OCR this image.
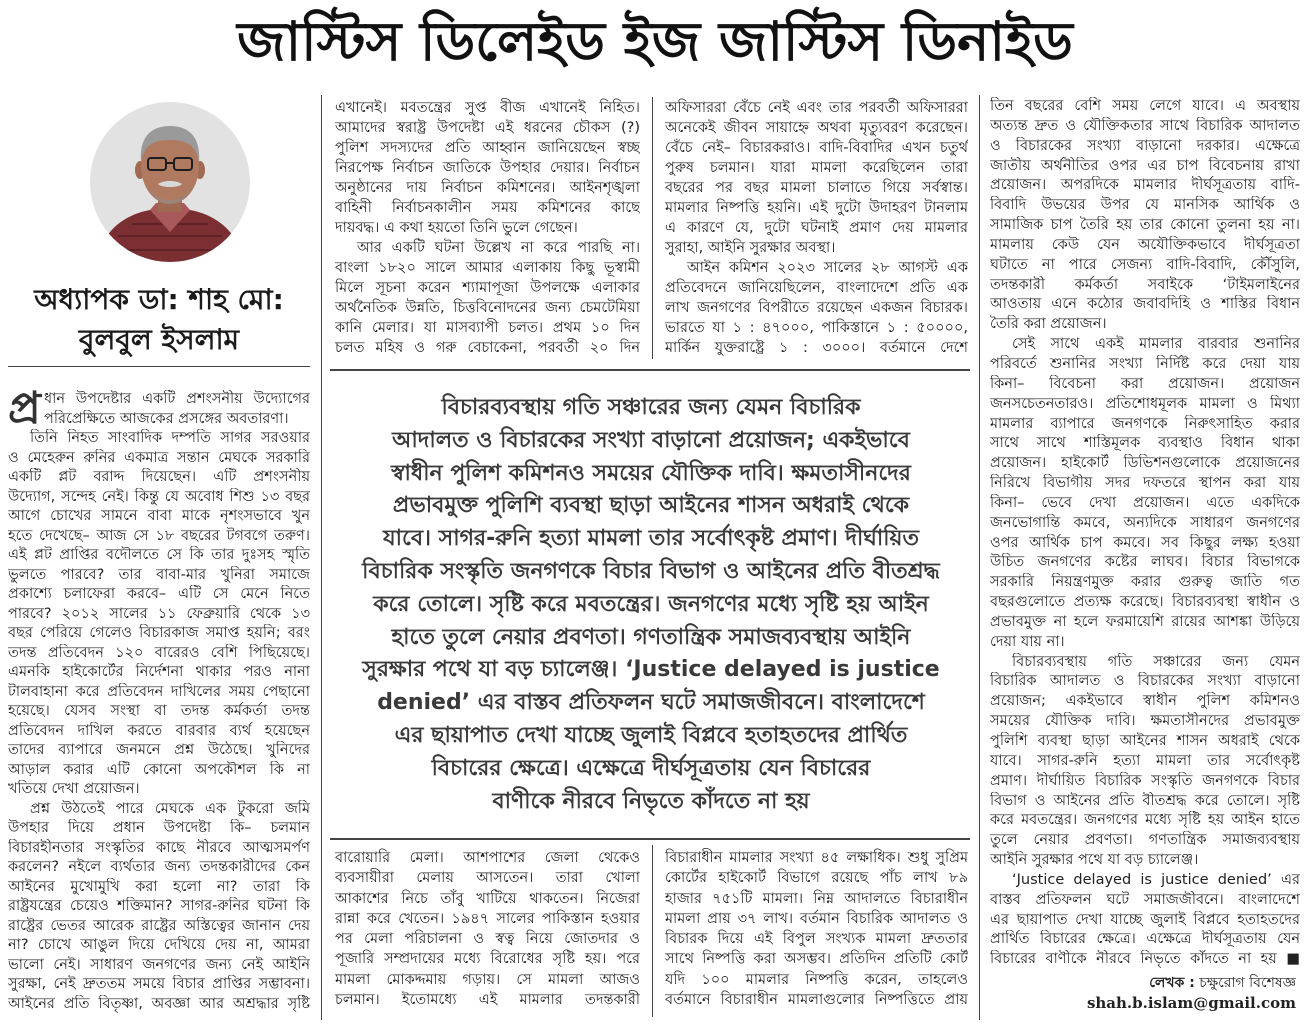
জাস্টিস ডিলেইড ইজ জাস্টিস ডিনাইড
অধ্যাপক ডা: শাহ মো:
বুলবুল ইসলাম
প্র ধান উপদেষ্টার একটি প্রশংসনীয় উদ্যোগের
পরিপ্রেক্ষিতে আজকের প্রসঙ্গের অবতারণা।
তিনি নিহত সাংবাদিক দম্পতি সাগর সরওয়ার
ও মেহেরুন রুনির একমাত্র সন্তান মেঘকে সরকারি
একটি প্লট বরাদ্দ দিয়েছেন। এটি প্রশংসনীয়
উদ্যোগ, সন্দেহ নেই। কিন্তু যে অবোধ শিশু ১৩ বছর
আগে চোখের সামনে বাবা মাকে নৃশংসভাবে খুন
হতে দেখেছে– আজ সে ১৮ বছরের টগবগে তরুণ।
এই প্লট প্রাপ্তির বদৌলতে সে কি তার দুঃসহ স্মৃতি
ভুলতে পারবে? তার বাবা-মার খুনিরা সমাজে
প্রকাশ্যে চলাফেরা করবে– এটি সে মেনে নিতে
পারবে? ২০১২ সালের ১১ ফেব্রুয়ারি থেকে ১৩
বছর পেরিয়ে গেলেও বিচারকাজ সমাপ্ত হয়নি; বরং
তদন্ত প্রতিবেদন ১২০ বারেরও বেশি পিছিয়েছে।
এমনকি হাইকোর্টের নির্দেশনা থাকার পরও নানা
টালবাহানা করে প্রতিবেদন দাখিলের সময় পেছানো
হয়েছে। যেসব সংস্থা বা তদন্ত কর্মকর্তা তদন্ত
প্রতিবেদন দাখিল করতে বারবার ব্যর্থ হয়েছেন
তাদের ব্যাপারে জনমনে প্রশ্ন উঠেছে। খুনিদের
আড়াল করার এটি কোনো অপকৌশল কি না
খতিয়ে দেখা প্রয়োজন।
প্রশ্ন উঠতেই পারে মেঘকে এক টুকরো জমি
উপহার দিয়ে প্রধান উপদেষ্টা কি– চলমান
বিচারহীনতার সংস্কৃতির কাছে নীরবে আত্মসমর্পণ
করলেন? নইলে ব্যর্থতার জন্য তদন্তকারীদের কেন
আইনের মুখোমুখি করা হলো না? তারা কি
রাষ্ট্রযন্ত্রের চেয়েও শক্তিমান? সাগর-রুনির ঘটনা কি
রাষ্ট্রের ভেতর আরেক রাষ্ট্রের অস্তিত্বের জানান দেয়
না? চোখে আঙুল দিয়ে দেখিয়ে দেয় না, আমরা
ভালো নেই। সাধারণ জনগণের জন্য নেই আইনি
সুরক্ষা, নেই দ্রুততম সময়ে বিচার প্রাপ্তির সম্ভাবনা।
আইনের প্রতি বিতৃষ্ণা, অবজ্ঞা আর অশ্রদ্ধার সৃষ্টি
এখানেই। মবতন্ত্রের সুপ্ত বীজ এখানেই নিহিত।
আমাদের স্বরাষ্ট্র উপদেষ্টা এই ধরনের চৌকস (?)
পুলিশ সদস্যদের প্রতি আহ্বান জানিয়েছেন স্বচ্ছ
নিরপেক্ষ নির্বাচন জাতিকে উপহার দেয়ার। নির্বাচন
অনুষ্ঠানের দায় নির্বাচন কমিশনের। আইনশৃঙ্খলা
বাহিনী নির্বাচনকালীন সময় কমিশনের কাছে
দায়বদ্ধ। এ কথা হয়তো তিনি ভুলে গেছেন।
আর একটি ঘটনা উল্লেখ না করে পারছি না।
বাংলা ১৮২০ সালে আমার এলাকায় কিছু ভূস্বামী
মিলে সূচনা করেন শ্যামাপূজা উপলক্ষে এলাকার
অর্থনৈতিক উন্নতি, চিত্তবিনোদনের জন্য চেমটেমিয়া
কানি মেলার। যা মাসব্যাপী চলত। প্রথম ১০ দিন
চলত মহিষ ও গরু বেচাকেনা, পরবর্তী ২০ দিন
অফিসাররা বেঁচে নেই এবং তার পরবর্তী অফিসাররা
অনেকেই জীবন সায়াহ্নে অথবা মৃত্যুবরণ করেছেন।
বেঁচে নেই– বিচারকরাও। বাদি-বিবাদির এখন চতুর্থ
পুরুষ চলমান। যারা মামলা করেছিলেন তারা
বছরের পর বছর মামলা চালাতে গিয়ে সর্বস্বান্ত।
মামলার নিষ্পত্তি হয়নি। এই দুটো উদাহরণ টানলাম
এ কারণে যে, দুটো ঘটনাই প্রমাণ দেয় মামলার
সুরাহা, আইনি সুরক্ষার অবস্থা।
আইন কমিশন ২০২৩ সালের ২৮ আগস্ট এক
প্রতিবেদনে জানিয়েছিলেন, বাংলাদেশে প্রতি এক
লাখ জনগণের বিপরীতে রয়েছেন একজন বিচারক।
ভারতে যা ১ : ৪৭০০০, পাকিস্তানে ১ : ৫০০০০,
মার্কিন যুক্তরাষ্ট্রে ১ : ৩০০০। বর্তমানে দেশে
বারোয়ারি মেলা। আশপাশের জেলা থেকেও
ব্যবসায়ীরা মেলায় আসতেন। তারা খোলা
আকাশের নিচে তাঁবু খাটিয়ে থাকতেন। নিজেরা
রান্না করে খেতেন। ১৯৪৭ সালের পাকিস্তান হওয়ার
পর মেলা পরিচালনা ও স্বত্ব নিয়ে জোতদার ও
পূজারি সম্প্রদায়ের মধ্যে বিরোধের সৃষ্টি হয়। পরে
মামলা মোকদ্দমায় গড়ায়। সে মামলা আজও
চলমান। ইতোমধ্যে এই মামলার তদন্তকারী
বিচারাধীন মামলার সংখ্যা ৪৫ লক্ষাধিক। শুধু সুপ্রিম
কোর্টের হাইকোর্ট বিভাগে রয়েছে পাঁচ লাখ ৮৯
হাজার ৭৫১টি মামলা। নিম্ন আদালতে বিচারাধীন
মামলা প্রায় ৩৭ লাখ। বর্তমান বিচারিক আদালত ও
বিচারক দিয়ে এই বিপুল সংখ্যক মামলা দ্রুততার
সাথে নিষ্পত্তি করা অসম্ভব। প্রতিদিন প্রতিটি কোর্ট
যদি ১০০ মামলার নিষ্পত্তি করেন, তাহলেও
বর্তমানে বিচারাধীন মামলাগুলোর নিষ্পত্তিতে প্রায়
তিন বছরের বেশি সময় লেগে যাবে। এ অবস্থায়
অত্যন্ত দ্রুত ও যৌক্তিকতার সাথে বিচারিক আদালত
ও বিচারকের সংখ্যা বাড়ানো দরকার। এক্ষেত্রে
জাতীয় অর্থনীতির ওপর এর চাপ বিবেচনায় রাখা
প্রয়োজন। অপরদিকে মামলার দীর্ঘসূত্রতায় বাদি-
বিবাদি উভয়ের উপর যে মানসিক আর্থিক ও
সামাজিক চাপ তৈরি হয় তার কোনো তুলনা হয় না।
মামলায় কেউ যেন অযৌক্তিকভাবে দীর্ঘসূত্রতা
ঘটাতে না পারে সেজন্য বাদি-বিবাদি, কৌঁসুলি,
তদন্তকারী কর্মকর্তা সবাইকে ‘টাইমলাইনের
আওতায় এনে কঠোর জবাবদিহি ও শাস্তির বিধান
তৈরি করা প্রয়োজন।
সেই সাথে একই মামলার বারবার শুনানির
পরিবর্তে শুনানির সংখ্যা নির্দিষ্ট করে দেয়া যায়
কিনা– বিবেচনা করা প্রয়োজন। প্রয়োজন
জনসচেতনতারও। প্রতিশোধমূলক মামলা ও মিথ্যা
মামলার ব্যাপারে জনগণকে নিরুৎসাহিত করার
সাথে সাথে শাস্তিমূলক ব্যবস্থাও বিধান থাকা
প্রয়োজন। হাইকোর্ট ডিভিশনগুলোকে প্রয়োজনের
নিরিখে বিভাগীয় সদর দফতরে স্থাপন করা যায়
কিনা– ভেবে দেখা প্রয়োজন। এতে একদিকে
জনভোগান্তি কমবে, অন্যদিকে সাধারণ জনগণের
ওপর আর্থিক চাপ কমবে। সব কিছুর লক্ষ্য হওয়া
উচিত জনগণের কষ্টের লাঘব। বিচার বিভাগকে
সরকারি নিয়ন্ত্রণমুক্ত করার গুরুত্ব জাতি গত
বছরগুলোতে প্রত্যক্ষ করেছে। বিচারব্যবস্থা স্বাধীন ও
প্রভাবমুক্ত না হলে ফরমায়েশি রায়ের আশঙ্কা উড়িয়ে
দেয়া যায় না।
বিচারব্যবস্থায় গতি সঞ্চারের জন্য যেমন
বিচারিক আদালত ও বিচারকের সংখ্যা বাড়ানো
প্রয়োজন; একইভাবে স্বাধীন পুলিশ কমিশনও
সময়ের যৌক্তিক দাবি। ক্ষমতাসীনদের প্রভাবমুক্ত
পুলিশি ব্যবস্থা ছাড়া আইনের শাসন অধরাই থেকে
যাবে। সাগর-রুনি হত্যা মামলা তার সর্বোৎকৃষ্ট
প্রমাণ। দীর্ঘায়িত বিচারিক সংস্কৃতি জনগণকে বিচার
বিভাগ ও আইনের প্রতি বীতশ্রদ্ধ করে তোলে। সৃষ্টি
করে মবতন্ত্রের। জনগণের মধ্যে সৃষ্টি হয় আইন হাতে
তুলে নেয়ার প্রবণতা। গণতান্ত্রিক সমাজব্যবস্থায়
আইনি সুরক্ষার পথে যা বড় চ্যালেঞ্জ।
‘Justice delayed is justice denied’ এর
বাস্তব প্রতিফলন ঘটে সমাজজীবনে। বাংলাদেশে
এর ছায়াপাত দেখা যাচ্ছে জুলাই বিপ্লবে হতাহতদের
প্রার্থিত বিচারের ক্ষেত্রে। এক্ষেত্রে দীর্ঘসূত্রতায় যেন
বিচারের বাণীকে নীরবে নিভৃতে কাঁদতে না হয় ■
বিচারব্যবস্থায় গতি সঞ্চারের জন্য যেমন বিচারিক
আদালত ও বিচারকের সংখ্যা বাড়ানো প্রয়োজন; একইভাবে
স্বাধীন পুলিশ কমিশনও সময়ের যৌক্তিক দাবি। ক্ষমতাসীনদের
প্রভাবমুক্ত পুলিশি ব্যবস্থা ছাড়া আইনের শাসন অধরাই থেকে
যাবে। সাগর-রুনি হত্যা মামলা তার সর্বোৎকৃষ্ট প্রমাণ। দীর্ঘায়িত
বিচারিক সংস্কৃতি জনগণকে বিচার বিভাগ ও আইনের প্রতি বীতশ্রদ্ধ
করে তোলে। সৃষ্টি করে মবতন্ত্রের। জনগণের মধ্যে সৃষ্টি হয় আইন
হাতে তুলে নেয়ার প্রবণতা। গণতান্ত্রিক সমাজব্যবস্থায় আইনি
সুরক্ষার পথে যা বড় চ্যালেঞ্জ। ‘Justice delayed is justice
denied’ এর বাস্তব প্রতিফলন ঘটে সমাজজীবনে। বাংলাদেশে
এর ছায়াপাত দেখা যাচ্ছে জুলাই বিপ্লবে হতাহতদের প্রার্থিত
বিচারের ক্ষেত্রে। এক্ষেত্রে দীর্ঘসূত্রতায় যেন বিচারের
বাণীকে নীরবে নিভৃতে কাঁদতে না হয়
লেখক : চক্ষুরোগ বিশেষজ্ঞ
shah.b.islam@gmail.com
